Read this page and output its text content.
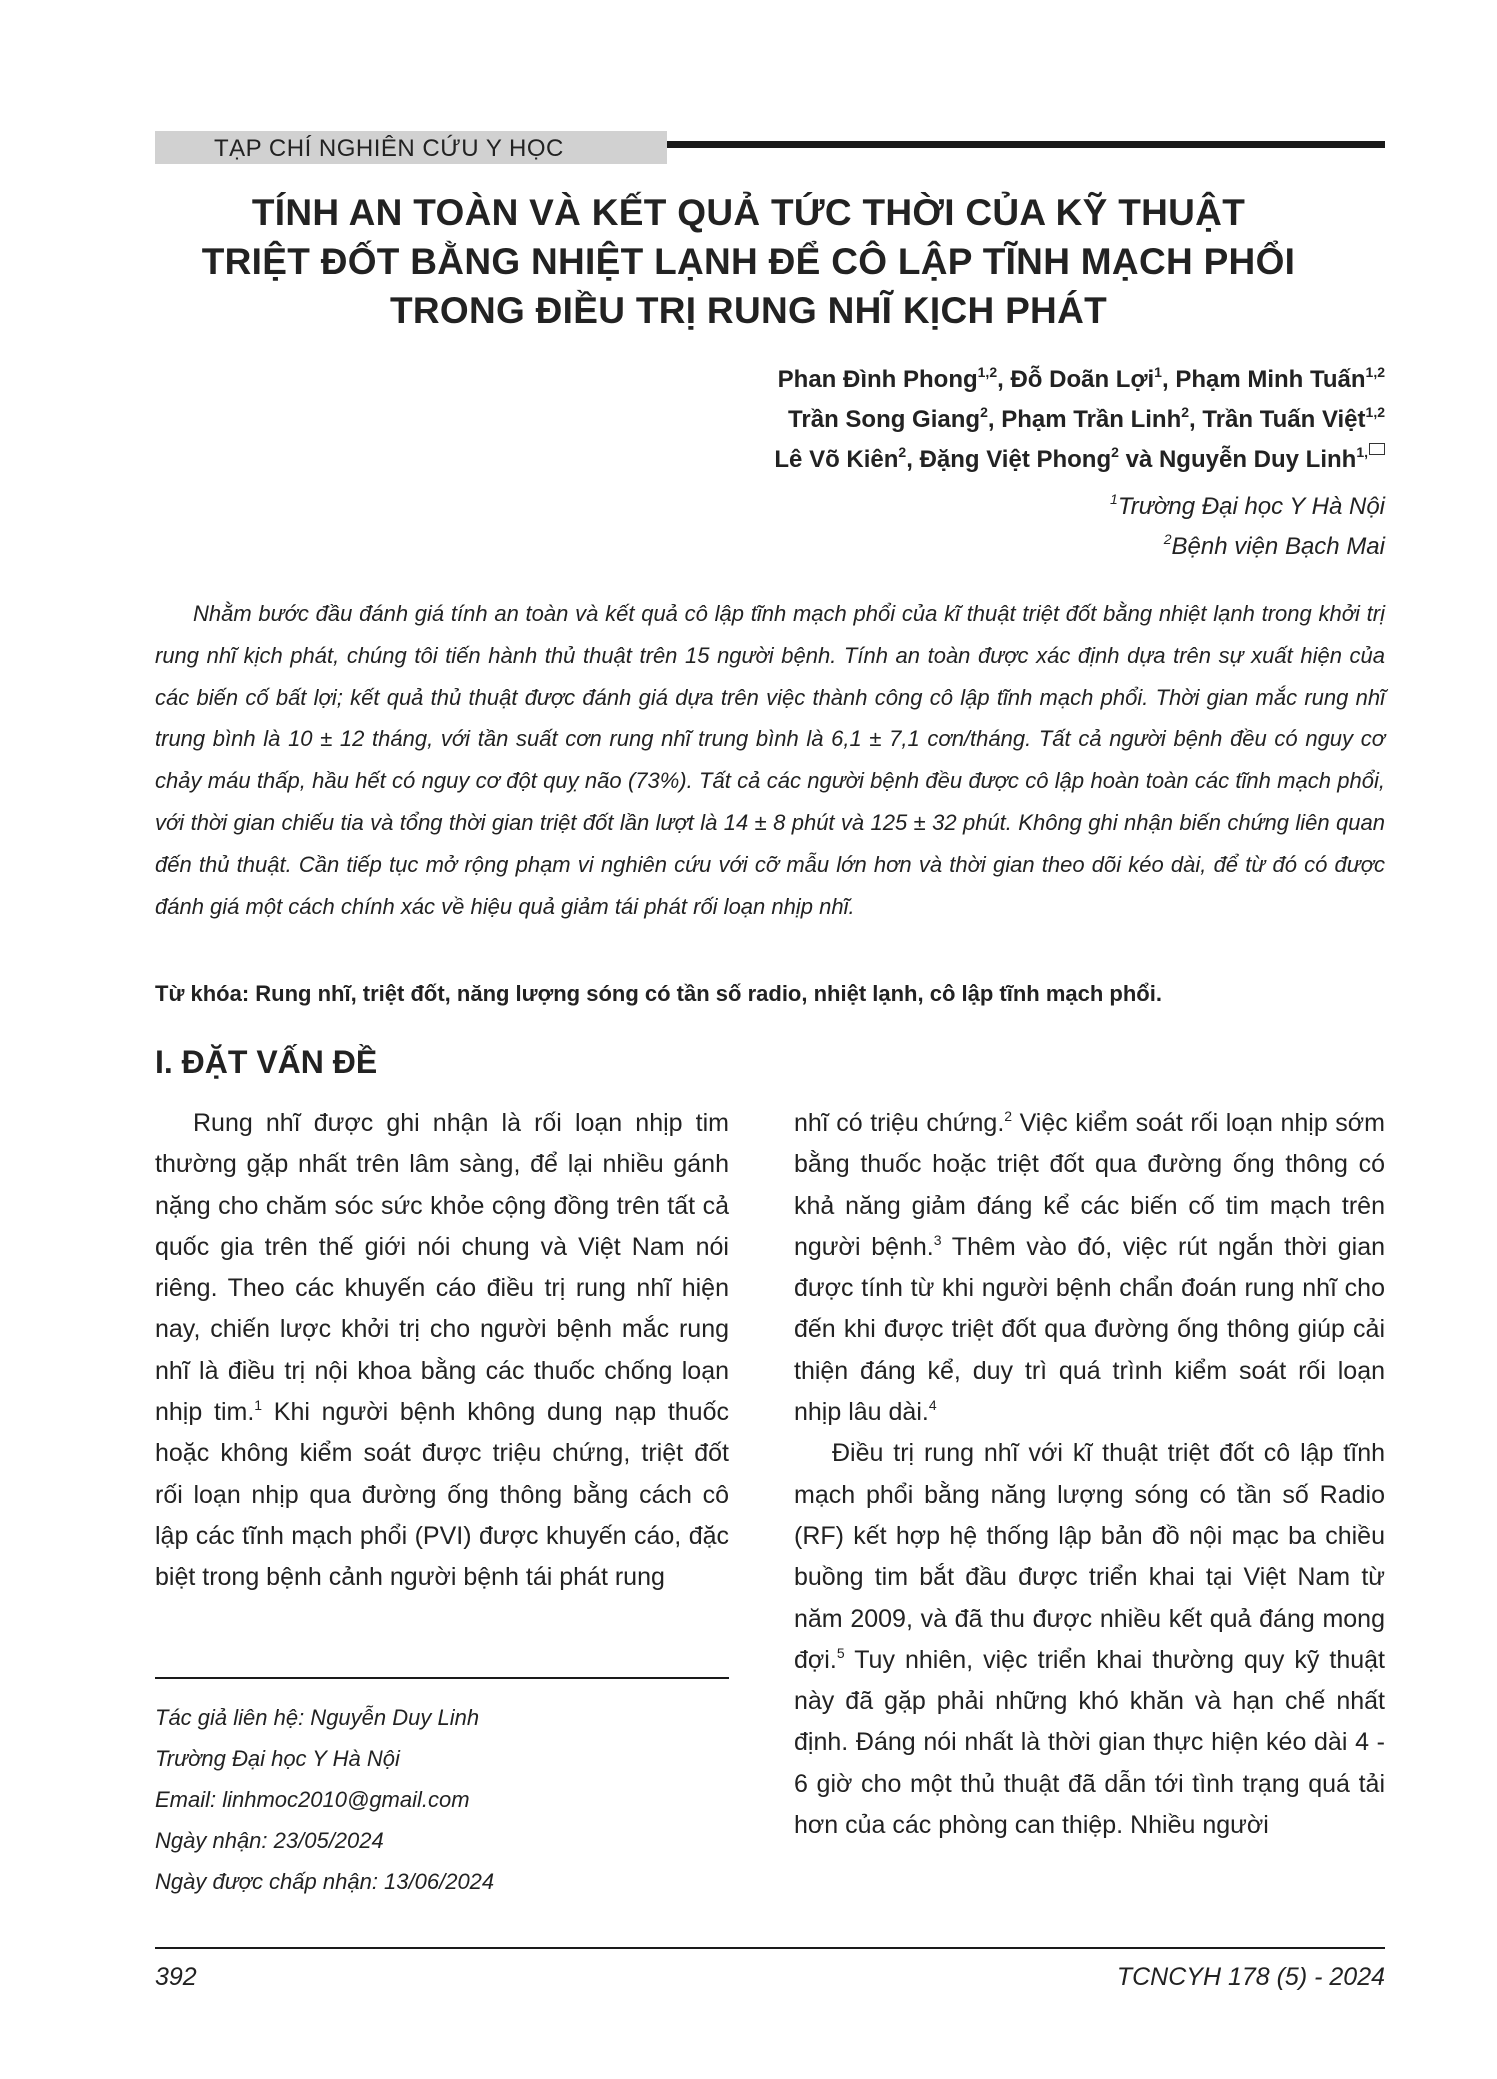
TẠP CHÍ NGHIÊN CỨU Y HỌC
TÍNH AN TOÀN VÀ KẾT QUẢ TỨC THỜI CỦA KỸ THUẬT
TRIỆT ĐỐT BẰNG NHIỆT LẠNH ĐỂ CÔ LẬP TĨNH MẠCH PHỔI
TRONG ĐIỀU TRỊ RUNG NHĨ KỊCH PHÁT
Phan Đình Phong$^{1,2}$, Đỗ Doãn Lợi$^1$, Phạm Minh Tuấn$^{1,2}$
Trần Song Giang$^2$, Phạm Trần Linh$^2$, Trần Tuấn Việt$^{1,2}$
Lê Võ Kiên$^2$, Đặng Việt Phong$^2$ và Nguyễn Duy Linh$^{1,}$
$^1$Trường Đại học Y Hà Nội
$^2$Bệnh viện Bạch Mai
Nhằm bước đầu đánh giá tính an toàn và kết quả cô lập tĩnh mạch phổi của kĩ thuật triệt đốt bằng nhiệt lạnh trong khởi trị rung nhĩ kịch phát, chúng tôi tiến hành thủ thuật trên 15 người bệnh. Tính an toàn được xác định dựa trên sự xuất hiện của các biến cố bất lợi; kết quả thủ thuật được đánh giá dựa trên việc thành công cô lập tĩnh mạch phổi. Thời gian mắc rung nhĩ trung bình là 10 ± 12 tháng, với tần suất cơn rung nhĩ trung bình là 6,1 ± 7,1 cơn/tháng. Tất cả người bệnh đều có nguy cơ chảy máu thấp, hầu hết có nguy cơ đột quỵ não (73%). Tất cả các người bệnh đều được cô lập hoàn toàn các tĩnh mạch phổi, với thời gian chiếu tia và tổng thời gian triệt đốt lần lượt là 14 ± 8 phút và 125 ± 32 phút. Không ghi nhận biến chứng liên quan đến thủ thuật. Cần tiếp tục mở rộng phạm vi nghiên cứu với cỡ mẫu lớn hơn và thời gian theo dõi kéo dài, để từ đó có được đánh giá một cách chính xác về hiệu quả giảm tái phát rối loạn nhịp nhĩ.
Từ khóa: Rung nhĩ, triệt đốt, năng lượng sóng có tần số radio, nhiệt lạnh, cô lập tĩnh mạch phổi.
I. ĐẶT VẤN ĐỀ

Rung nhĩ được ghi nhận là rối loạn nhịp tim thường gặp nhất trên lâm sàng, để lại nhiều gánh nặng cho chăm sóc sức khỏe cộng đồng trên tất cả quốc gia trên thế giới nói chung và Việt Nam nói riêng. Theo các khuyến cáo điều trị rung nhĩ hiện nay, chiến lược khởi trị cho người bệnh mắc rung nhĩ là điều trị nội khoa bằng các thuốc chống loạn nhịp tim.$^1$ Khi người bệnh không dung nạp thuốc hoặc không kiểm soát được triệu chứng, triệt đốt rối loạn nhịp qua đường ống thông bằng cách cô lập các tĩnh mạch phổi (PVI) được khuyến cáo, đặc biệt trong bệnh cảnh người bệnh tái phát rung

nhĩ có triệu chứng.$^2$ Việc kiểm soát rối loạn nhịp sớm bằng thuốc hoặc triệt đốt qua đường ống thông có khả năng giảm đáng kể các biến cố tim mạch trên người bệnh.$^3$ Thêm vào đó, việc rút ngắn thời gian được tính từ khi người bệnh chẩn đoán rung nhĩ cho đến khi được triệt đốt qua đường ống thông giúp cải thiện đáng kể, duy trì quá trình kiểm soát rối loạn nhịp lâu dài.$^4$

Điều trị rung nhĩ với kĩ thuật triệt đốt cô lập tĩnh mạch phổi bằng năng lượng sóng có tần số Radio (RF) kết hợp hệ thống lập bản đồ nội mạc ba chiều buồng tim bắt đầu được triển khai tại Việt Nam từ năm 2009, và đã thu được nhiều kết quả đáng mong đợi.$^5$ Tuy nhiên, việc triển khai thường quy kỹ thuật này đã gặp phải những khó khăn và hạn chế nhất định. Đáng nói nhất là thời gian thực hiện kéo dài 4 - 6 giờ cho một thủ thuật đã dẫn tới tình trạng quá tải hơn của các phòng can thiệp. Nhiều người

Tác giả liên hệ: Nguyễn Duy Linh
Trường Đại học Y Hà Nội
Email: linhmoc2010@gmail.com
Ngày nhận: 23/05/2024
Ngày được chấp nhận: 13/06/2024
392	TCNCYH 178 (5) - 2024
